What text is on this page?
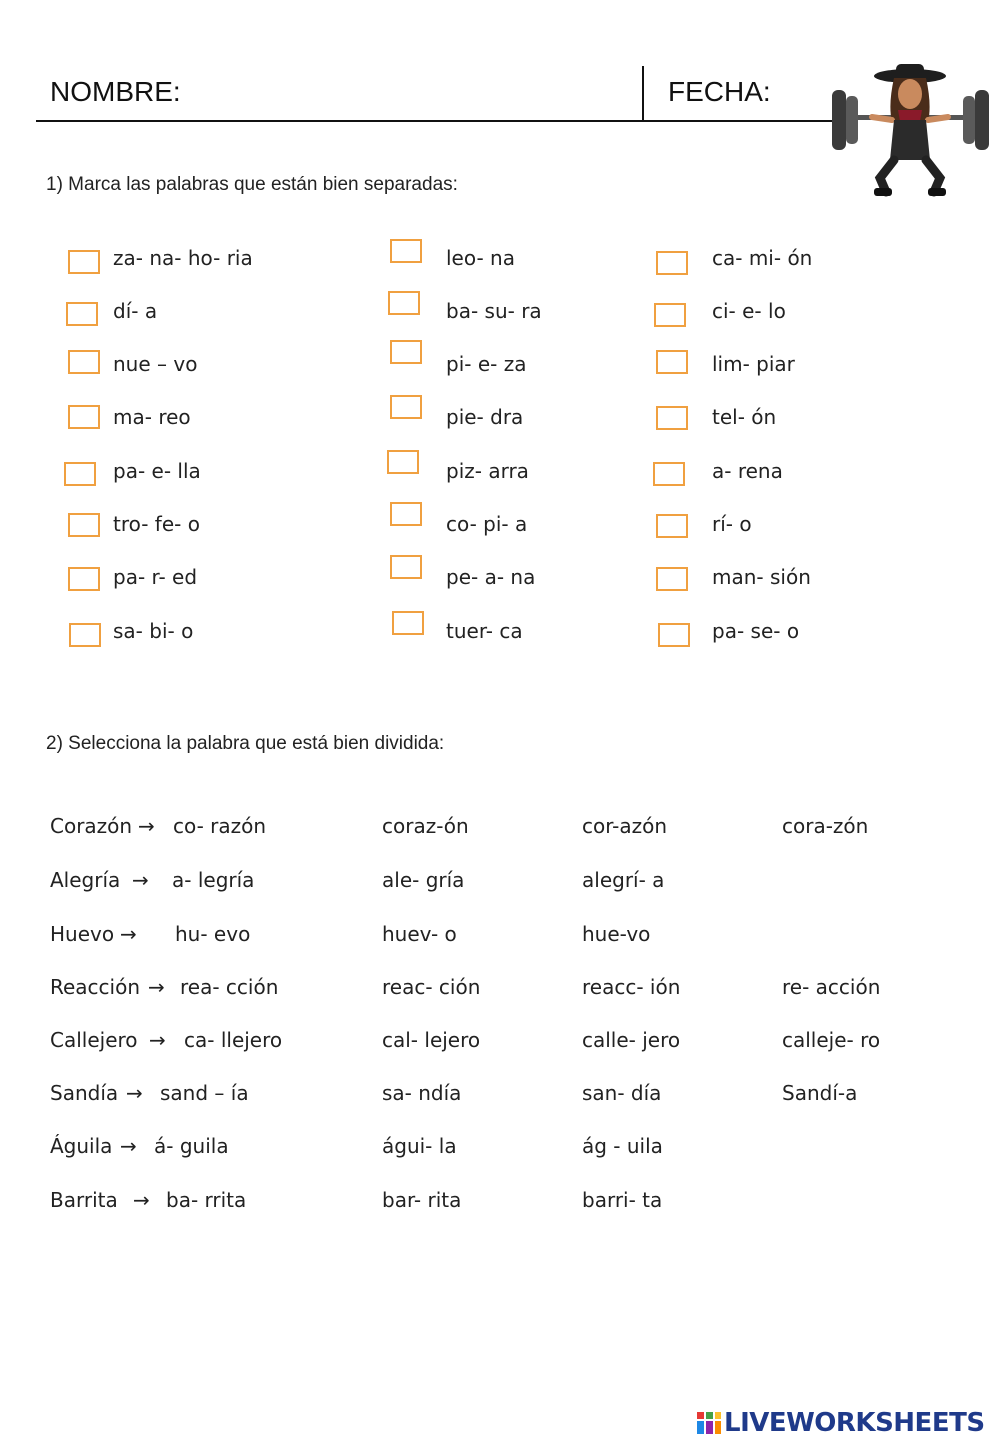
NOMBRE:	FECHA:
1) Marca las palabras que están bien separadas:
za- na- ho- ria
dí- a
nue – vo
ma- reo
pa- e- lla
tro- fe- o
pa- r- ed
sa- bi- o
leo- na
ba- su- ra
pi- e- za
pie- dra
piz- arra
co- pi- a
pe- a- na
tuer- ca
ca- mi- ón
ci- e- lo
lim- piar
tel- ón
a- rena
rí- o
man- sión
pa- se- o
2) Selecciona la palabra que está bien dividida:
Corazón → co- razón	coraz-ón	cor-azón	cora-zón
Alegría → a- legría	ale- gría	alegrí- a
Huevo → hu- evo	huev- o	hue-vo
Reacción → rea- cción	reac- ción	reacc- ión	re- acción
Callejero → ca- llejero	cal- lejero	calle- jero	calleje- ro
Sandía → sand – ía	sa- ndía	san- día	Sandí-a
Águila → á- guila	águi- la	ág - uila
Barrita → ba- rrita	bar- rita	barri- ta
LIVEWORKSHEETS
